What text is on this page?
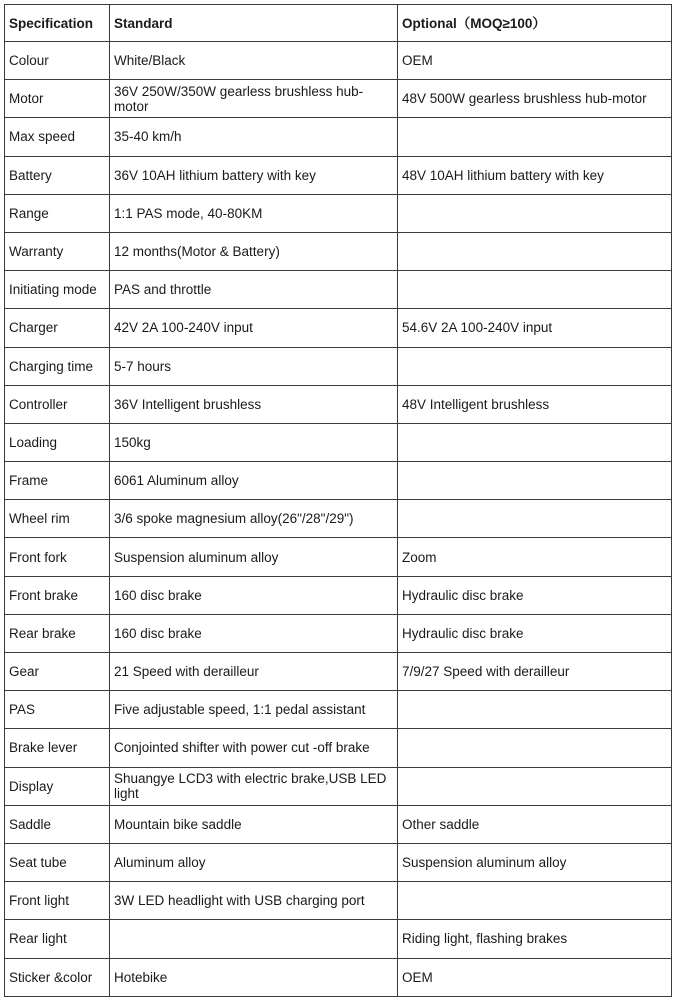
Specification	Standard	Optional（MOQ≥100）
Colour	White/Black	OEM
Motor	36V 250W/350W gearless brushless hub-motor	48V 500W gearless brushless hub-motor
Max speed	35-40 km/h	
Battery	36V 10AH lithium battery with key	48V 10AH lithium battery with key
Range	1:1 PAS mode, 40-80KM	
Warranty	12 months(Motor & Battery)	
Initiating mode	PAS and throttle	
Charger	42V 2A 100-240V input	54.6V 2A 100-240V input
Charging time	5-7 hours	
Controller	36V Intelligent brushless	48V Intelligent brushless
Loading	150kg	
Frame	6061 Aluminum alloy	
Wheel rim	3/6 spoke magnesium alloy(26"/28"/29")	
Front fork	Suspension aluminum alloy	Zoom
Front brake	160 disc brake	Hydraulic disc brake
Rear brake	160 disc brake	Hydraulic disc brake
Gear	21 Speed with derailleur	7/9/27 Speed with derailleur
PAS	Five adjustable speed, 1:1 pedal assistant	
Brake lever	Conjointed shifter with power cut -off brake	
Display	Shuangye LCD3 with electric brake,USB LED light	
Saddle	Mountain bike saddle	Other saddle
Seat tube	Aluminum alloy	Suspension aluminum alloy
Front light	3W LED headlight with USB charging port	
Rear light		Riding light, flashing brakes
Sticker &color	Hotebike	OEM
